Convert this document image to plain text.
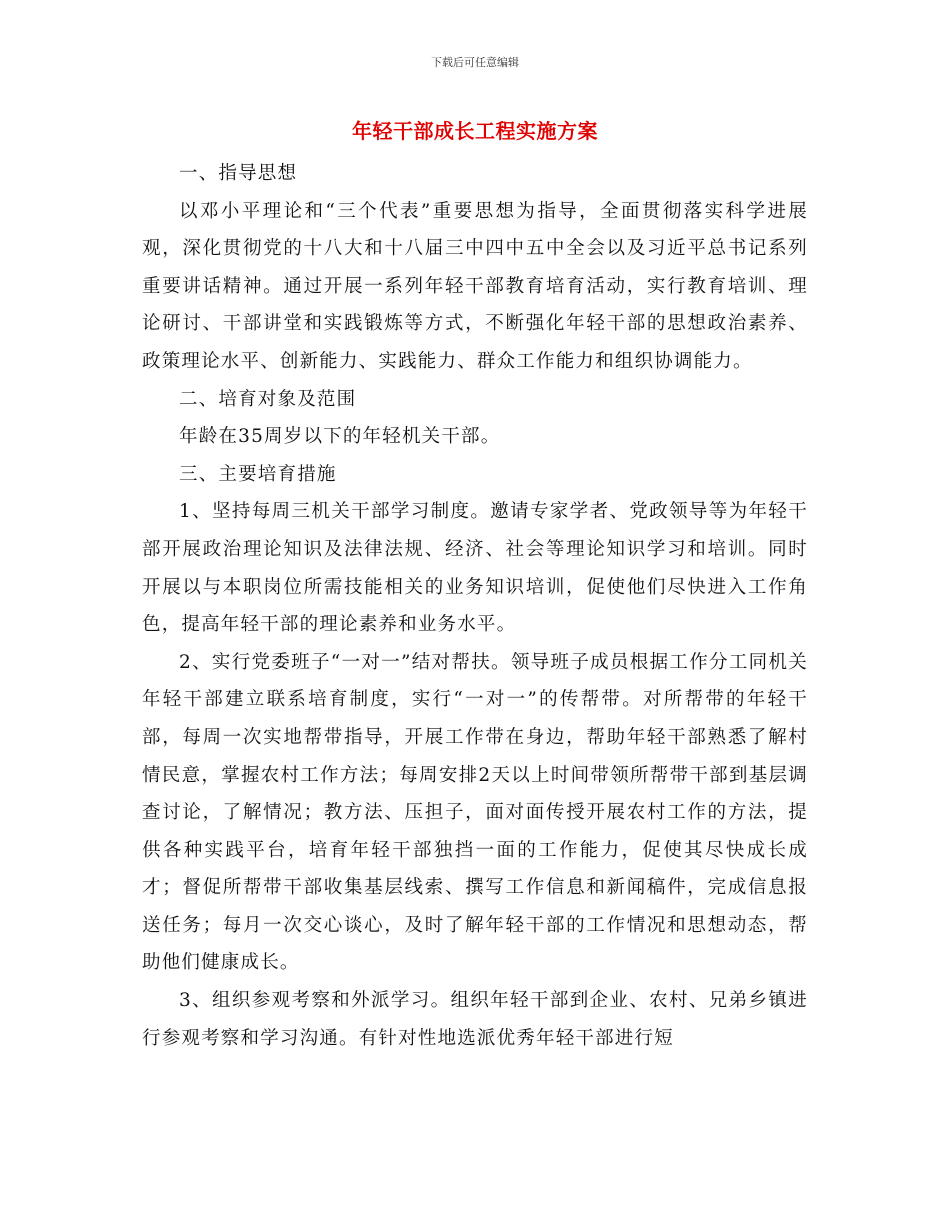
下载后可任意编辑
年轻干部成长工程实施方案

一、指导思想

以邓小平理论和“三个代表”重要思想为指导，全面贯彻落实科学进展观，深化贯彻党的十八大和十八届三中四中五中全会以及习近平总书记系列重要讲话精神。通过开展一系列年轻干部教育培育活动，实行教育培训、理论研讨、干部讲堂和实践锻炼等方式，不断强化年轻干部的思想政治素养、政策理论水平、创新能力、实践能力、群众工作能力和组织协调能力。

二、培育对象及范围

年龄在35周岁以下的年轻机关干部。

三、主要培育措施

1、坚持每周三机关干部学习制度。邀请专家学者、党政领导等为年轻干部开展政治理论知识及法律法规、经济、社会等理论知识学习和培训。同时开展以与本职岗位所需技能相关的业务知识培训，促使他们尽快进入工作角色，提高年轻干部的理论素养和业务水平。

2、实行党委班子“一对一”结对帮扶。领导班子成员根据工作分工同机关年轻干部建立联系培育制度，实行“一对一”的传帮带。对所帮带的年轻干部，每周一次实地帮带指导，开展工作带在身边，帮助年轻干部熟悉了解村情民意，掌握农村工作方法；每周安排2天以上时间带领所帮带干部到基层调查讨论，了解情况；教方法、压担子，面对面传授开展农村工作的方法，提供各种实践平台，培育年轻干部独挡一面的工作能力，促使其尽快成长成才；督促所帮带干部收集基层线索、撰写工作信息和新闻稿件，完成信息报送任务；每月一次交心谈心，及时了解年轻干部的工作情况和思想动态，帮助他们健康成长。

3、组织参观考察和外派学习。组织年轻干部到企业、农村、兄弟乡镇进行参观考察和学习沟通。有针对性地选派优秀年轻干部进行短
